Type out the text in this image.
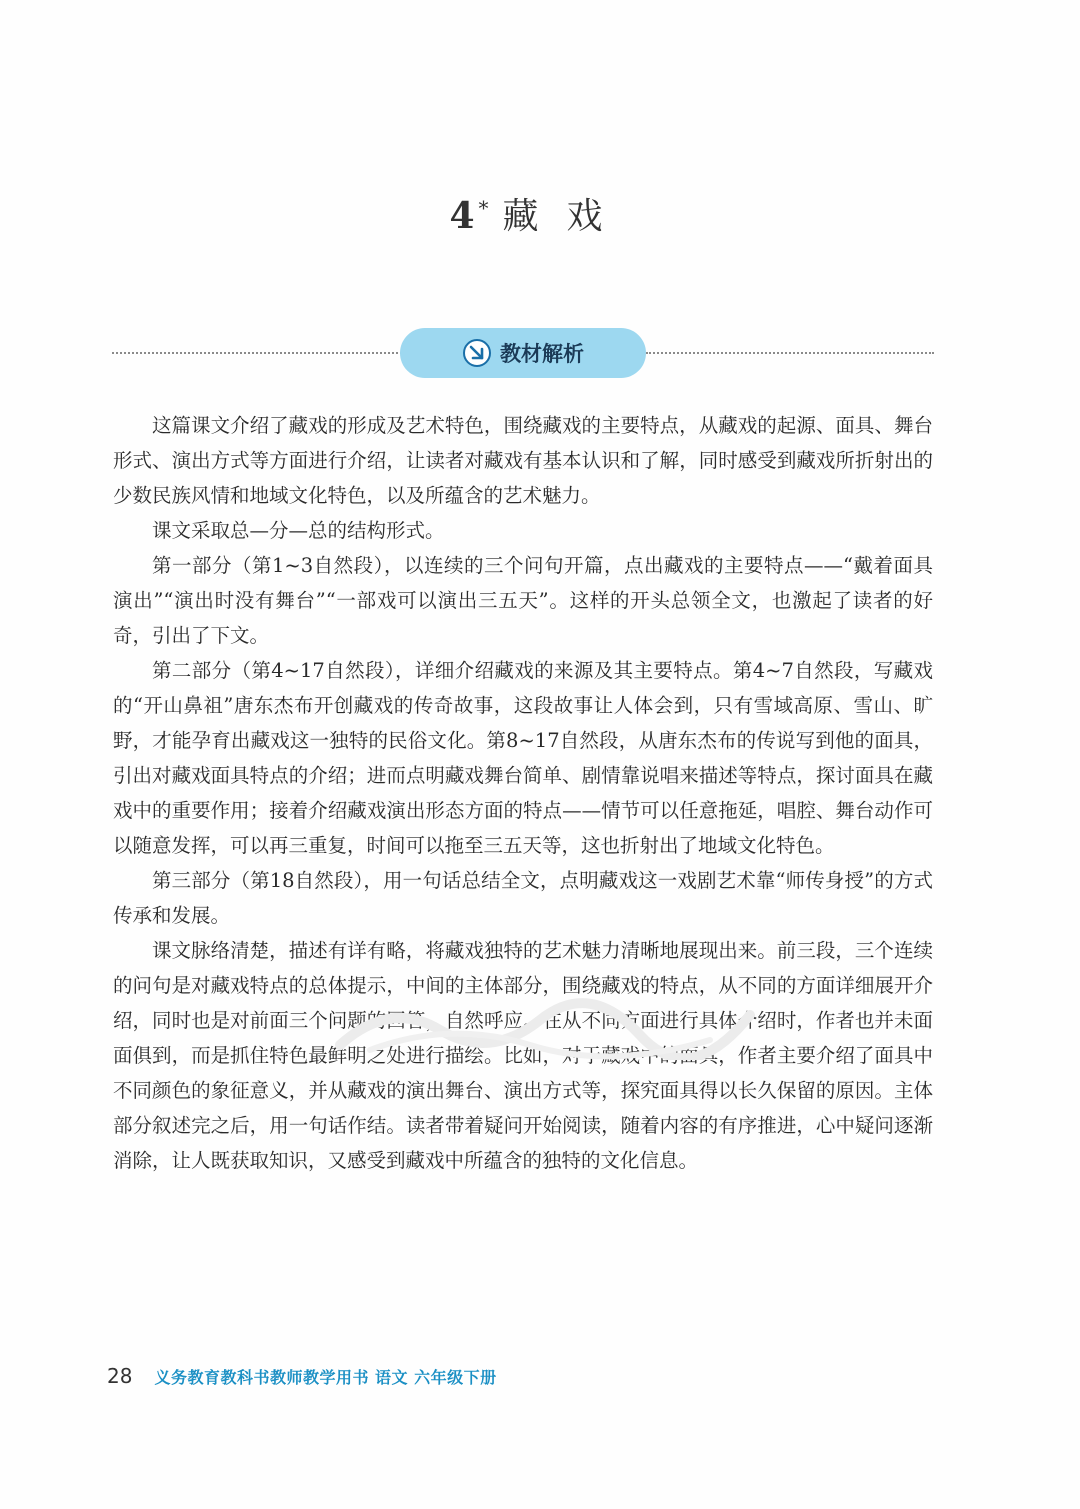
4 * 藏戏
教材解析

这篇课文介绍了藏戏的形成及艺术特色，围绕藏戏的主要特点，从藏戏的起源、面具、舞台形式、演出方式等方面进行介绍，让读者对藏戏有基本认识和了解，同时感受到藏戏所折射出的少数民族风情和地域文化特色，以及所蕴含的艺术魅力。

课文采取总—分—总的结构形式。

第一部分（第1~3自然段），以连续的三个问句开篇，点出藏戏的主要特点——“戴着面具演出”“演出时没有舞台”“一部戏可以演出三五天”。这样的开头总领全文，也激起了读者的好奇，引出了下文。

第二部分（第4~17自然段），详细介绍藏戏的来源及其主要特点。第4~7自然段，写藏戏的“开山鼻祖”唐东杰布开创藏戏的传奇故事，这段故事让人体会到，只有雪域高原、雪山、旷野，才能孕育出藏戏这一独特的民俗文化。第8~17自然段，从唐东杰布的传说写到他的面具，引出对藏戏面具特点的介绍；进而点明藏戏舞台简单、剧情靠说唱来描述等特点，探讨面具在藏戏中的重要作用；接着介绍藏戏演出形态方面的特点——情节可以任意拖延，唱腔、舞台动作可以随意发挥，可以再三重复，时间可以拖至三五天等，这也折射出了地域文化特色。

第三部分（第18自然段），用一句话总结全文，点明藏戏这一戏剧艺术靠“师传身授”的方式传承和发展。

课文脉络清楚，描述有详有略，将藏戏独特的艺术魅力清晰地展现出来。前三段，三个连续的问句是对藏戏特点的总体提示，中间的主体部分，围绕藏戏的特点，从不同的方面详细展开介绍，同时也是对前面三个问题的回答，自然呼应。在从不同方面进行具体介绍时，作者也并未面面俱到，而是抓住特色最鲜明之处进行描绘。比如，对于藏戏中的面具，作者主要介绍了面具中不同颜色的象征意义，并从藏戏的演出舞台、演出方式等，探究面具得以长久保留的原因。主体部分叙述完之后，用一句话作结。读者带着疑问开始阅读，随着内容的有序推进，心中疑问逐渐消除，让人既获取知识，又感受到藏戏中所蕴含的独特的文化信息。

28 义务教育教科书教师教学用书 语文 六年级下册
